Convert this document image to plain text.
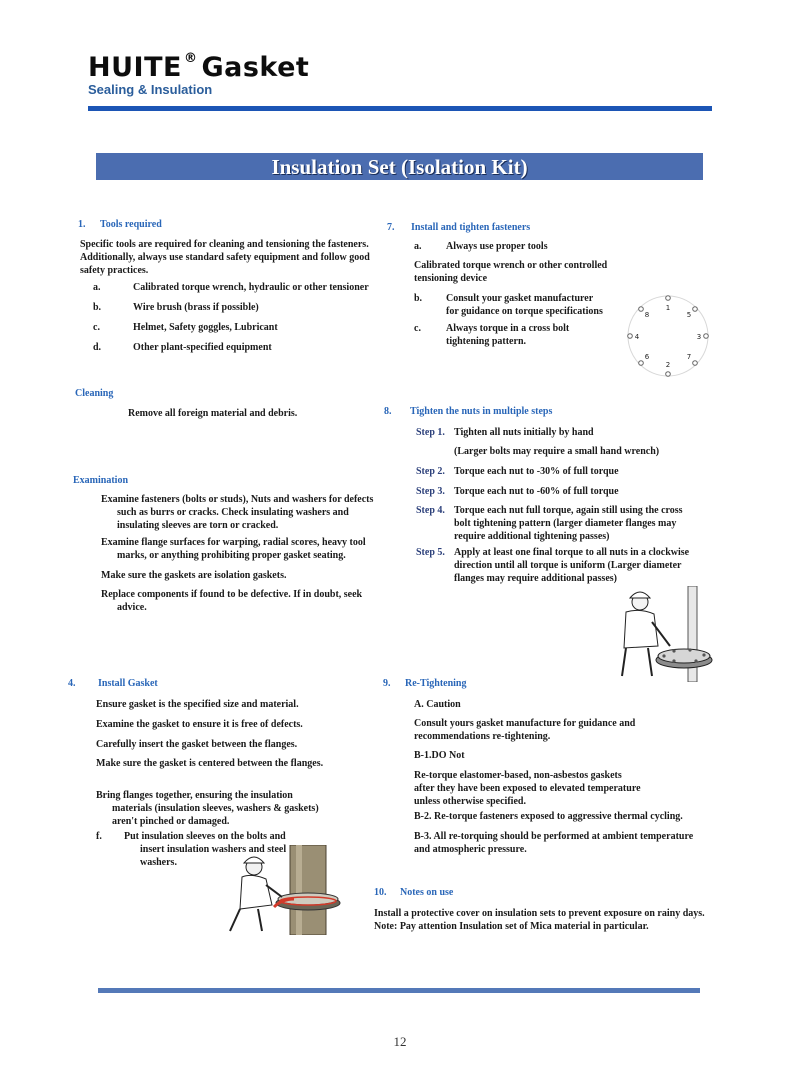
HUITE ® Gasket
Sealing & Insulation
Insulation Set (Isolation Kit)
1. Tools required
Specific tools are required for cleaning and tensioning the fasteners. Additionally, always use standard safety equipment and follow good safety practices.
a.	Calibrated torque wrench, hydraulic or other tensioner
b.	Wire brush (brass if possible)
c.	Helmet, Safety goggles, Lubricant
d.	Other plant-specified equipment
Cleaning
Remove all foreign material and debris.
Examination
Examine fasteners (bolts or studs), Nuts and washers for defects such as burrs or cracks. Check insulating washers and insulating sleeves are torn or cracked.
Examine flange surfaces for warping, radial scores, heavy tool marks, or anything prohibiting proper gasket seating.
Make sure the gaskets are isolation gaskets.
Replace components if found to be defective. If in doubt, seek advice.
4. Install Gasket
Ensure gasket is the specified size and material.
Examine the gasket to ensure it is free of defects.
Carefully insert the gasket between the flanges.
Make sure the gasket is centered between the flanges.
Bring flanges together, ensuring the insulation materials (insulation sleeves, washers & gaskets) aren't pinched or damaged.
f. Put insulation sleeves on the bolts and insert insulation washers and steel washers.
7. Install and tighten fasteners
a. Always use proper tools
Calibrated torque wrench or other controlled tensioning device
b. Consult your gasket manufacturer for guidance on torque specifications
c.	Always torque in a cross bolt tightening pattern.
1
2
3
4
5
6	7
8
8. Tighten the nuts in multiple steps
Step 1. Tighten all nuts initially by hand
(Larger bolts may require a small hand wrench)
Step 2. Torque each nut to -30% of full torque
Step 3. Torque each nut to -60% of full torque
Step 4. Torque each nut full torque, again still using the cross bolt tightening pattern (larger diameter flanges may require additional tightening passes)
Step 5. Apply at least one final torque to all nuts in a clockwise direction until all torque is uniform (Larger diameter flanges may require additional passes)
9. Re-Tightening
A. Caution
Consult yours gasket manufacture for guidance and recommendations re-tightening.
B-1.DO Not
Re-torque elastomer-based, non-asbestos gaskets after they have been exposed to elevated temperature unless otherwise specified.
B-2. Re-torque fasteners exposed to aggressive thermal cycling.
B-3. All re-torquing should be performed at ambient temperature and atmospheric pressure.
10. Notes on use
Install a protective cover on insulation sets to prevent exposure on rainy days.
Note: Pay attention Insulation set of Mica material in particular.
12
